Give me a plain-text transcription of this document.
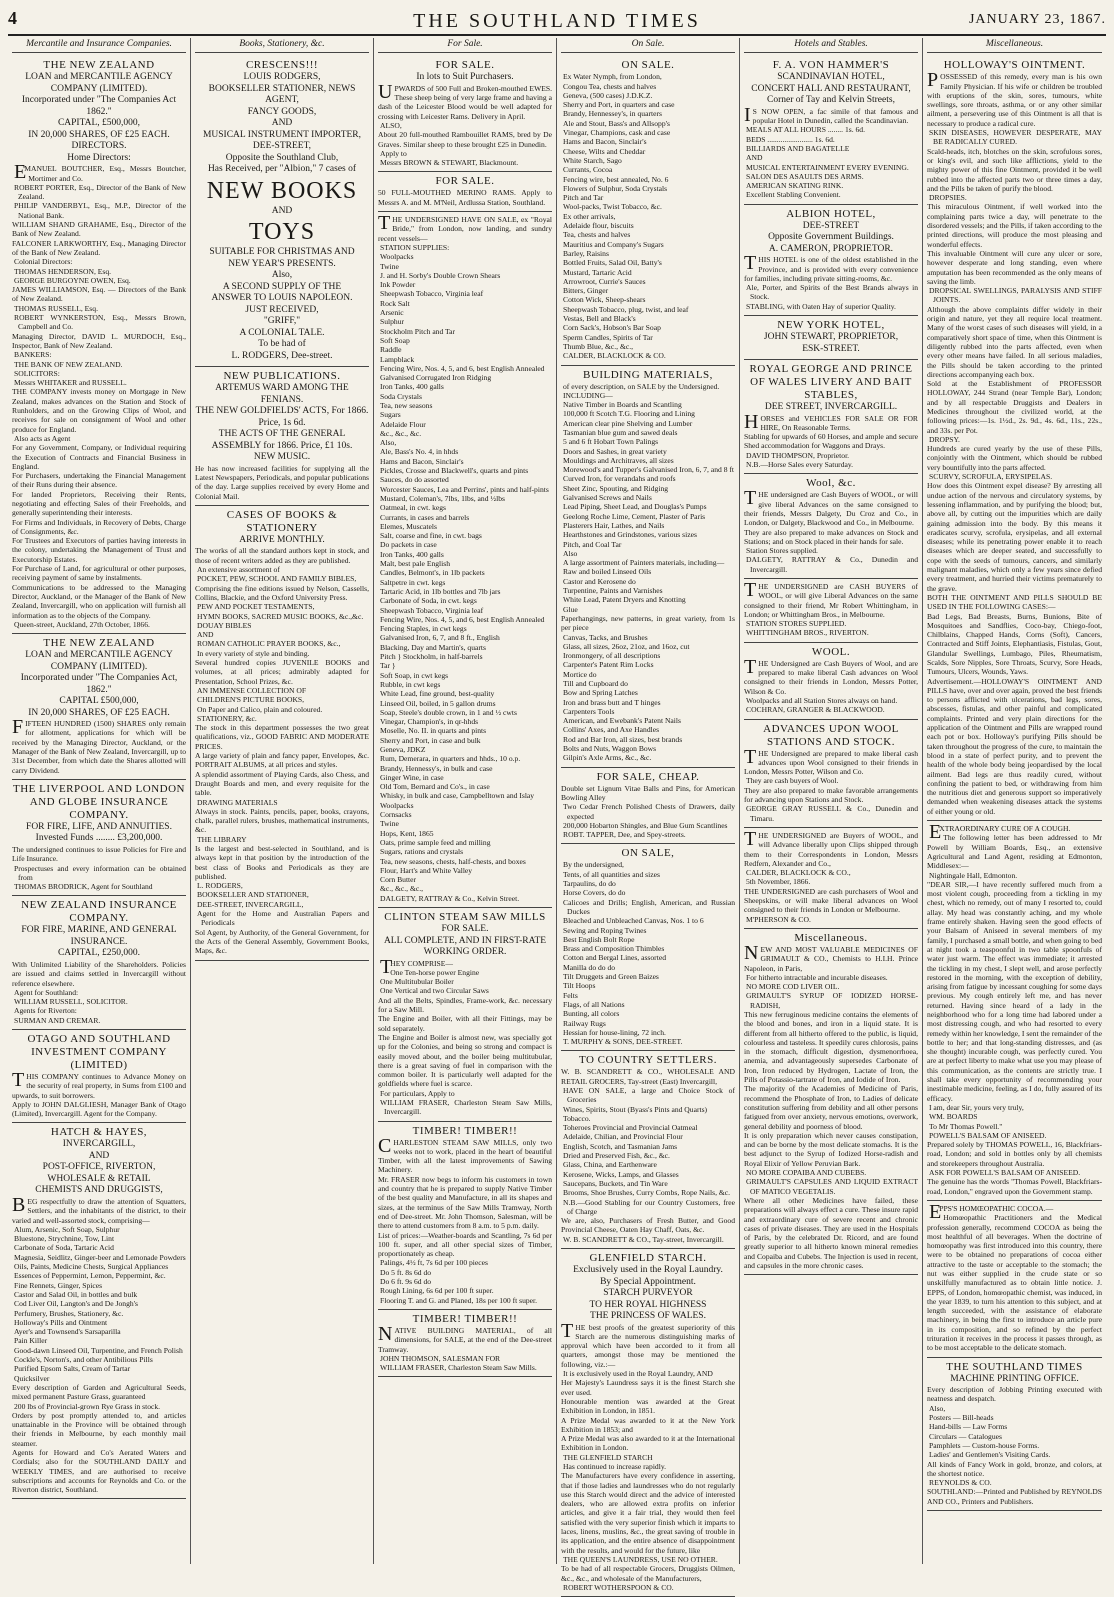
4	THE SOUTHLAND TIMES	JANUARY 23, 1867.
Mercantile and Insurance Companies.
THE NEW ZEALAND
LOAN and MERCANTILE AGENCY
COMPANY (LIMITED).
Incorporated under "The Companies Act 1862."
CAPITAL, £500,000,
IN 20,000 SHARES, OF £25 EACH.
DIRECTORS.
Home Directors:

EMANUEL BOUTCHER, Esq., Messrs Boutcher, Mortimer and Co.

ROBERT PORTER, Esq., Director of the Bank of New Zealand.

PHILIP VANDERBYL, Esq., M.P., Director of the National Bank.

WILLIAM SHAND GRAHAME, Esq., Director of the Bank of New Zealand.

FALCONER LARKWORTHY, Esq., Managing Director of the Bank of New Zealand.

Colonial Directors:

THOMAS HENDERSON, Esq.

GEORGE BURGOYNE OWEN, Esq.

JAMES WILLIAMSON, Esq. — Directors of the Bank of New Zealand.

THOMAS RUSSELL, Esq.

ROBERT WYNKERSTON, Esq., Messrs Brown, Campbell and Co.

Managing Director, DAVID L. MURDOCH, Esq., Inspector, Bank of New Zealand.

BANKERS:

THE BANK OF NEW ZEALAND.

SOLICITORS:

Messrs WHITAKER and RUSSELL.

THE COMPANY invests money on Mortgage in New Zealand, makes advances on the Station and Stock of Runholders, and on the Growing Clips of Wool, and receives for sale on consignment of Wool and other produce for England.

Also acts as Agent

For any Government, Company, or Individual requiring the Execution of Contracts and Financial Business in England.

For Purchasers, undertaking the Financial Management of their Runs during their absence.

For landed Proprietors, Receiving their Rents, negotiating and effecting Sales of their Freeholds, and generally superintending their interests.

For Firms and Individuals, in Recovery of Debts, Charge of Consignments, &c.

For Trustees and Executors of parties having interests in the colony, undertaking the Management of Trust and Executorship Estates.

For Purchase of Land, for agricultural or other purposes, receiving payment of same by instalments.

Communications to be addressed to the Managing Director, Auckland, or the Manager of the Bank of New Zealand, Invercargill, who on application will furnish all information as to the objects of the Company.

Queen-street, Auckland, 27th October, 1866.

THE NEW ZEALAND
LOAN and MERCANTILE AGENCY
COMPANY (LIMITED).
Incorporated under "The Companies Act, 1862."
CAPITAL £500,000,
IN 20,000 SHARES, OF £25 EACH.

FIFTEEN HUNDRED (1500) SHARES only remain for allotment, applications for which will be received by the Managing Director, Auckland, or the Manager of the Bank of New Zealand, Invercargill, up to 31st December, from which date the Shares allotted will carry Dividend.

THE LIVERPOOL AND LONDON AND GLOBE INSURANCE COMPANY.
FOR FIRE, LIFE, AND ANNUITIES.
Invested Funds ........ £3,200,000.

The undersigned continues to issue Policies for Fire and Life Insurance.

Prospectuses and every information can be obtained from

THOMAS BRODRICK, Agent for Southland

NEW ZEALAND INSURANCE COMPANY.
FOR FIRE, MARINE, AND GENERAL INSURANCE.
CAPITAL, £250,000.

With Unlimited Liability of the Shareholders. Policies are issued and claims settled in Invercargill without reference elsewhere.

Agent for Southland:

WILLIAM RUSSELL, SOLICITOR.

Agents for Riverton:

SURMAN AND CREMAR.

OTAGO AND SOUTHLAND INVESTMENT COMPANY (LIMITED)

THIS COMPANY continues to Advance Money on the security of real property, in Sums from £100 and upwards, to suit borrowers.

Apply to JOHN DALGLIESH, Manager Bank of Otago (Limited), Invercargill. Agent for the Company.

HATCH & HAYES,
INVERCARGILL,
AND
POST-OFFICE, RIVERTON,
WHOLESALE & RETAIL
CHEMISTS AND DRUGGISTS,

BEG respectfully to draw the attention of Squatters, Settlers, and the inhabitants of the district, to their varied and well-assorted stock, comprising—

Alum, Arsenic, Soft Soap, Sulphur

Bluestone, Strychnine, Tow, Lint

Carbonate of Soda, Tartaric Acid

Magnesia, Seidlitz, Ginger-beer and Lemonade Powders

Oils, Paints, Medicine Chests, Surgical Appliances

Essences of Peppermint, Lemon, Peppermint, &c.

Fine Rennets, Ginger, Spices

Castor and Salad Oil, in bottles and bulk

Cod Liver Oil, Langton's and De Jongh's

Perfumery, Brushes, Stationery, &c.

Holloway's Pills and Ointment

Ayer's and Townsend's Sarsaparilla

Pain Killer

Good-dawn Linseed Oil, Turpentine, and French Polish

Cockle's, Norton's, and other Antibilious Pills

Purified Epsom Salts, Cream of Tartar

Quicksilver

Every description of Garden and Agricultural Seeds, mixed permanent Pasture Grass, guaranteed

200 lbs of Provincial-grown Rye Grass in stock.

Orders by post promptly attended to, and articles unattainable in the Province will be obtained through their friends in Melbourne, by each monthly mail steamer.

Agents for Howard and Co's Aerated Waters and Cordials; also for the SOUTHLAND DAILY and WEEKLY TIMES, and are authorised to receive subscriptions and accounts for Reynolds and Co. or the Riverton district, Southland.

Books, Stationery, &c.
CRESCENS!!!
LOUIS RODGERS,
BOOKSELLER STATIONER, NEWS AGENT,
FANCY GOODS,
AND
MUSICAL INSTRUMENT IMPORTER,
DEE-STREET,
Opposite the Southland Club,
Has Received, per "Albion," 7 cases of
NEW BOOKS
AND
TOYS
SUITABLE FOR CHRISTMAS AND
NEW YEAR'S PRESENTS.
Also,
A SECOND SUPPLY OF THE
ANSWER TO LOUIS NAPOLEON.
JUST RECEIVED,
"GRIFF,"
A COLONIAL TALE.
To be had of
L. RODGERS, Dee-street.
NEW PUBLICATIONS.
ARTEMUS WARD AMONG THE FENIANS.
THE NEW GOLDFIELDS' ACTS, For 1866. Price, 1s 6d.
THE ACTS OF THE GENERAL ASSEMBLY for 1866. Price, £1 10s.
NEW MUSIC.

He has now increased facilities for supplying all the Latest Newspapers, Periodicals, and popular publications of the day. Large supplies received by every Home and Colonial Mail.

CASES OF BOOKS & STATIONERY
ARRIVE MONTHLY.

The works of all the standard authors kept in stock, and those of recent writers added as they are published.

An extensive assortment of

POCKET, PEW, SCHOOL AND FAMILY BIBLES,

Comprising the fine editions issued by Nelson, Cassells, Collins, Blackie, and the Oxford University Press.

PEW AND POCKET TESTAMENTS,

HYMN BOOKS, SACRED MUSIC BOOKS, &c.,&c.

DOUAY BIBLES

AND

ROMAN CATHOLIC PRAYER BOOKS, &c.,

In every variety of style and binding.

Several hundred copies JUVENILE BOOKS and volumes, at all prices; admirably adapted for Presentation, School Prizes, &c.

AN IMMENSE COLLECTION OF

CHILDREN'S PICTURE BOOKS,

On Paper and Calico, plain and coloured.

STATIONERY, &c.

The stock in this department possesses the two great qualifications, viz., GOOD FABRIC AND MODERATE PRICES.

A large variety of plain and fancy paper, Envelopes, &c. PORTRAIT ALBUMS, at all prices and styles.

A splendid assortment of Playing Cards, also Chess, and Draught Boards and men, and every requisite for the table.

DRAWING MATERIALS

Always in stock. Paints, pencils, paper, books, crayons, chalk, parallel rulers, brushes, mathematical instruments, &c.

THE LIBRARY

Is the largest and best-selected in Southland, and is always kept in that position by the introduction of the best class of Books and Periodicals as they are published.

L. RODGERS,

BOOKSELLER AND STATIONER,

DEE-STREET, INVERCARGILL,

Agent for the Home and Australian Papers and Periodicals

Sol Agent, by Authority, of the General Government, for the Acts of the General Assembly, Government Books, Maps, &c.

For Sale.
FOR SALE.
In lots to Suit Purchasers.

UPWARDS of 500 Full and Broken-mouthed EWES. These sheep being of very large frame and having a dash of the Leicester Blood would be well adapted for crossing with Leicester Rams. Delivery in April.

ALSO,

About 20 full-mouthed Rambouillet RAMS, bred by De Graves. Similar sheep to these brought £25 in Dunedin.

Apply to

Messrs BROWN & STEWART, Blackmount.

FOR SALE.

50 FULL-MOUTHED MERINO RAMS. Apply to Messrs A. and M. M'Neil, Ardlussa Station, Southland.

THE UNDERSIGNED HAVE ON SALE, ex "Royal Bride," from London, now landing, and sundry recent vessels—

STATION SUPPLIES:

Woolpacks

Twine

J. and H. Sorby's Double Crown Shears

Ink Powder

Sheepwash Tobacco, Virginia leaf

Rock Salt

Arsenic

Sulphur

Stockholm Pitch and Tar

Soft Soap

Raddle

Lampblack

Fencing Wire, Nos. 4, 5, and 6, best English Annealed

Galvanised Corrugated Iron Ridging

Iron Tanks, 400 galls

Soda Crystals

Tea, new seasons

Sugars

Adelaide Flour

&c., &c., &c.

Also,

Ale, Bass's No. 4, in hhds

Hams and Bacon, Sinclair's

Pickles, Crosse and Blackwell's, quarts and pints

Sauces, do do assorted

Worcester Sauces, Lea and Perrins', pints and half-pints

Mustard, Coleman's, 7lbs, 1lbs, and ½lbs

Oatmeal, in cwt. kegs

Currants, in cases and barrels

Elemes, Muscatels

Salt, coarse and fine, in cwt. bags

Do packets in case

Iron Tanks, 400 galls

Malt, best pale English

Candles, Belmont's, in 1lb packets

Saltpetre in cwt. kegs

Tartaric Acid, in 1lb bottles and 7lb jars

Carbonate of Soda, in cwt. kegs

Sheepwash Tobacco, Virginia leaf

Fencing Wire, Nos. 4, 5, and 6, best English Annealed

Fencing Staples, in cwt kegs

Galvanised Iron, 6, 7, and 8 ft., English

Blacking, Day and Martin's, quarts

Pitch } Stockholm, in half-barrels

Tar }

Soft Soap, in cwt kegs

Rubble, in cwt kegs

White Lead, fine ground, best-quality

Linseed Oil, boiled, in 5 gallon drums

Soap, Steele's double crown, in 1 and ½ cwts

Vinegar, Champion's, in qr-hhds

Moselle, No. II. in quarts and pints

Sherry and Port, in case and bulk

Geneva, JDKZ

Rum, Demerara, in quarters and hhds., 10 o.p.

Brandy, Hennessy's, in bulk and case

Ginger Wine, in case

Old Tom, Bernard and Co's., in case

Whisky, in bulk and case, Campbelltown and Islay

Woolpacks

Cornsacks

Twine

Hops, Kent, 1865

Oats, prime sample feed and milling

Sugars, rations and crystals

Tea, new seasons, chests, half-chests, and boxes

Flour, Hart's and White Valley

Corn Butter

&c., &c., &c.,

DALGETY, RATTRAY & Co., Kelvin Street.

CLINTON STEAM SAW MILLS
FOR SALE.
ALL COMPLETE, AND IN FIRST-RATE WORKING ORDER.

THEY COMPRISE—

One Ten-horse power Engine

One Multitubular Boiler

One Vertical and two Circular Saws

And all the Belts, Spindles, Frame-work, &c. necessary for a Saw Mill.

The Engine and Boiler, with all their Fittings, may be sold separately.

The Engine and Boiler is almost new, was specially got up for the Colonies, and being so strong and compact is easily moved about, and the boiler being multitubular, there is a great saving of fuel in comparison with the common boiler. It is particularly well adapted for the goldfields where fuel is scarce.

For particulars, Apply to

WILLIAM FRASER, Charleston Steam Saw Mills, Invercargill.

TIMBER! TIMBER!!

CHARLESTON STEAM SAW MILLS, only two weeks not to work, placed in the heart of beautiful Timber, with all the latest improvements of Sawing Machinery.

Mr. FRASER now begs to inform his customers in town and country that he is prepared to supply Native Timber of the best quality and Manufacture, in all its shapes and sizes, at the terminus of the Saw Mills Tramway, North end of Dee-street. Mr. John Thomson, Salesman, will be there to attend customers from 8 a.m. to 5 p.m. daily.

List of prices:—Weather-boards and Scantling, 7s 6d per 100 ft. super, and all other special sizes of Timber, proportionately as cheap.

Palings, 4½ ft, 7s 6d per 100 pieces

Do 5 ft. 8s 6d do

Do 6 ft. 9s 6d do

Rough Lining, 6s 6d per 100 ft super.

Flooring T. and G. and Planed, 18s per 100 ft super.

TIMBER! TIMBER!!

NATIVE BUILDING MATERIAL, of all dimensions, for SALE, at the end of the Dee-street Tramway.

JOHN THOMSON, SALESMAN FOR

WILLIAM FRASER, Charleston Steam Saw Mills.

On Sale.
ON SALE.

Ex Water Nymph, from London,

Congou Tea, chests and halves

Geneva, (500 cases) J.D.K.Z.

Sherry and Port, in quarters and case

Brandy, Hennessey's, in quarters

Ale and Stout, Bass's and Allsopp's

Vinegar, Champions, cask and case

Hams and Bacon, Sinclair's

Cheese, Wilts and Cheddar

White Starch, Sago

Currants, Cocoa

Fencing wire, best annealed, No. 6

Flowers of Sulphur, Soda Crystals

Pitch and Tar

Wool-packs, Twist Tobacco, &c.

Ex other arrivals,

Adelaide flour, biscuits

Tea, chests and halves

Mauritius and Company's Sugars

Barley, Raisins

Bottled Fruits, Salad Oil, Batty's

Mustard, Tartaric Acid

Arrowroot, Currie's Sauces

Bitters, Ginger

Cotton Wick, Sheep-shears

Sheepwash Tobacco, plug, twist, and leaf

Vestas, Bell and Black's

Corn Sack's, Hobson's Bar Soap

Sperm Candles, Spirits of Tar

Thumb Blue, &c., &c.,

CALDER, BLACKLOCK & CO.

BUILDING MATERIALS,

of every description, on SALE by the Undersigned.

INCLUDING—

Native Timber in Boards and Scantling

100,000 ft Scotch T.G. Flooring and Lining

American clear pine Shelving and Lumber

Tasmanian blue gum and sawed deals

5 and 6 ft Hobart Town Palings

Doors and Sashes, in great variety

Mouldings and Architraves, all sizes

Morewood's and Tupper's Galvanised Iron, 6, 7, and 8 ft

Curved Iron, for verandahs and roofs

Sheet Zinc, Spouting, and Ridging

Galvanised Screws and Nails

Lead Piping, Sheet Lead, and Douglas's Pumps

Geelong Roche Lime, Cement, Plaster of Paris

Plasterers Hair, Lathes, and Nails

Hearthstones and Grindstones, various sizes

Pitch, and Coal Tar

Also

A large assortment of Painters materials, including—

Raw and boiled Linseed Oils

Castor and Kerosene do

Turpentine, Paints and Varnishes

White Lead, Patent Dryers and Knotting

Glue

Paperhangings, new patterns, in great variety, from 1s per piece

Canvas, Tacks, and Brushes

Glass, all sizes, 26oz, 21oz, and 16oz, cut

Ironmongery, of all descriptions

Carpenter's Patent Rim Locks

Mortice do

Till and Cupboard do

Bow and Spring Latches

Iron and brass butt and T hinges

Carpenters Tools

American, and Ewebank's Patent Nails

Collins' Axes, and Axe Handles

Rod and Bar Iron, all sizes, best brands

Bolts and Nuts, Waggon Bows

Gilpin's Axle Arms, &c., &c.

FOR SALE, CHEAP.

Double set Lignum Vitae Balls and Pins, for American Bowling Alley

Two Cedar French Polished Chests of Drawers, daily expected

200,000 Hobarton Shingles, and Blue Gum Scantlines

ROBT. TAPPER, Dee, and Spey-streets.

ON SALE,

By the undersigned,

Tents, of all quantities and sizes

Tarpaulins, do do

Horse Covers, do do

Calicoes and Drills; English, American, and Russian Duckes

Bleached and Unbleached Canvas, Nos. 1 to 6

Sewing and Roping Twines

Best English Bolt Rope

Brass and Composition Thimbles

Cotton and Bergal Lines, assorted

Manilla do do do

Tilt Druggets and Green Baizes

Tilt Hoops

Felts

Flags, of all Nations

Bunting, all colors

Railway Rugs

Hessian for house-lining, 72 inch.

T. MURPHY & SONS, DEE-STREET.

TO COUNTRY SETTLERS.

W. B. SCANDRETT & CO., WHOLESALE AND RETAIL GROCERS, Tay-street (East) Invercargill,

HAVE ON SALE, a large and Choice Stock of Groceries

Wines, Spirits, Stout (Byass's Pints and Quarts)

Tobacco.

Toheroes Provincial and Provincial Oatmeal

Adelaide, Chilian, and Provincial Flour

English, Scotch, and Tasmanian Jams

Dried and Preserved Fish, &c., &c.

Glass, China, and Earthenware

Kerosene, Wicks, Lamps, and Glasses

Saucepans, Buckets, and Tin Ware

Brooms, Shoe Brushes, Curry Combs, Rope Nails, &c.

N.B.—Good Stabling for our Country Customers, free of Charge

We are, also, Purchasers of Fresh Butter, and Good Provincial Cheese, Oaten Hay Chaff, Oats, &c.

W. B. SCANDRETT & CO., Tay-street, Invercargill.

GLENFIELD STARCH.
Exclusively used in the Royal Laundry.
By Special Appointment.
STARCH PURVEYOR
TO HER ROYAL HIGHNESS
THE PRINCESS OF WALES.

THE best proofs of the greatest superiority of this Starch are the numerous distinguishing marks of approval which have been accorded to it from all quarters, amongst those may be mentioned the following, viz.:—

It is exclusively used in the Royal Laundry, AND

Her Majesty's Laundress says it is the finest Starch she ever used.

Honourable mention was awarded at the Great Exhibition in London, in 1851.

A Prize Medal was awarded to it at the New York Exhibition in 1853; and

A Prize Medal was also awarded to it at the International Exhibition in London.

THE GLENFIELD STARCH

Has continued to increase rapidly.

The Manufacturers have every confidence in asserting, that if those ladies and laundresses who do not regularly use this Starch would direct and the advice of interested dealers, who are allowed extra profits on inferior articles, and give it a fair trial, they would then feel satisfied with the very superior finish which it imparts to laces, linens, muslins, &c., the great saving of trouble in its application, and the entire absence of disappointment with the results, and would for the future, like

THE QUEEN'S LAUNDRESS, USE NO OTHER.

To be had of all respectable Grocers, Druggists Oilmen, &c., &c., and wholesale of the Manufacturers,

ROBERT WOTHERSPOON & CO.

Hotels and Stables.
F. A. VON HAMMER'S
SCANDINAVIAN HOTEL,
CONCERT HALL AND RESTAURANT,
Corner of Tay and Kelvin Streets,

IS NOW OPEN, a fac simile of that famous and popular Hotel in Dunedin, called the Scandinavian.

MEALS AT ALL HOURS ........ 1s. 6d.

BEDS ........................ 1s. 6d.

BILLIARDS AND BAGATELLE

AND

MUSICAL ENTERTAINMENT EVERY EVENING.

SALON DES ASAULTS DES ARMS.

AMERICAN SKATING RINK.

Excellent Stabling Convenient.

ALBION HOTEL,
DEE-STREET
Opposite Government Buildings.
A. CAMERON, PROPRIETOR.

THIS HOTEL is one of the oldest established in the Province, and is provided with every convenience for families, including private sitting-rooms, &c.

Ale, Porter, and Spirits of the Best Brands always in Stock.

STABLING, with Oaten Hay of superior Quality.

NEW YORK HOTEL,
JOHN STEWART, PROPRIETOR,
ESK-STREET.
ROYAL GEORGE AND PRINCE OF WALES LIVERY AND BAIT STABLES,
DEE STREET, INVERCARGILL.

HORSES and VEHICLES FOR SALE OR FOR HIRE, On Reasonable Terms.

Stabling for upwards of 60 Horses, and ample and secure Shed accommodation for Waggons and Drays.

DAVID THOMPSON, Proprietor.

N.B.—Horse Sales every Saturday.

Wool, &c.

THE undersigned are Cash Buyers of WOOL, or will give liberal Advances on the same consigned to their friends, Messrs Dalgety, Du Croz and Co., in London, or Dalgety, Blackwood and Co., in Melbourne.

They are also prepared to make advances on Stock and Stations; and on Stock placed in their hands for sale.

Station Stores supplied.

DALGETY, RATTRAY & Co., Dunedin and Invercargill.

THE UNDERSIGNED are CASH BUYERS of WOOL, or will give Liberal Advances on the same consigned to their friend, Mr Robert Whittingham, in London; or Whittingham Bros., in Melbourne.

STATION STORES SUPPLIED.

WHITTINGHAM BROS., RIVERTON.

WOOL.

THE Undersigned are Cash Buyers of Wool, and are prepared to make liberal Cash advances on Wool consigned to their friends in London, Messrs Potter, Wilson & Co.

Woolpacks and all Station Stores always on hand.

COCHRAN, GRANGER & BLACKWOOD.

ADVANCES UPON WOOL STATIONS AND STOCK.

THE Undersigned are prepared to make liberal cash advances upon Wool consigned to their friends in London, Messrs Potter, Wilson and Co.

They are cash buyers of Wool.

They are also prepared to make favorable arrangements for advancing upon Stations and Stock.

GEORGE GRAY RUSSELL & Co., Dunedin and Timaru.

THE UNDERSIGNED are Buyers of WOOL, and will Advance liberally upon Clips shipped through them to their Correspondents in London, Messrs Redfern, Alexander and Co.,

CALDER, BLACKLOCK & CO.,

5th November, 1866.

THE UNDERSIGNED are cash purchasers of Wool and Sheepskins, or will make liberal advances on Wool consigned to their friends in London or Melbourne.

M'PHERSON & CO.

Miscellaneous.

NEW AND MOST VALUABLE MEDICINES OF GRIMAULT & CO., Chemists to H.I.H. Prince Napoleon, in Paris,

For hitherto intractable and incurable diseases.

NO MORE COD LIVER OIL.

GRIMAULT'S SYRUP OF IODIZED HORSE-RADISH,

This new ferruginous medicine contains the elements of the blood and bones, and iron in a liquid state. It is different from all hitherto offered to the public, is liquid, colourless and tasteless. It speedily cures chlorosis, pains in the stomach, difficult digestion, dysmenorrhoea, anemia, and advantageously supersedes Carbonate of Iron, Iron reduced by Hydrogen, Lactate of Iron, the Pills of Potassio-tartrate of Iron, and Iodide of Iron.

The majority of the Academies of Medicine of Paris, recommend the Phosphate of Iron, to Ladies of delicate constitution suffering from debility and all other persons fatigued from over anxiety, nervous emotions, overwork, general debility and poorness of blood.

It is only preparation which never causes constipation, and can be borne by the most delicate stomachs. It is the best adjunct to the Syrup of Iodized Horse-radish and Royal Elixir of Yellow Peruvian Bark.

NO MORE COPAIBA AND CUBEBS.

GRIMAULT'S CAPSULES AND LIQUID EXTRACT OF MATICO VEGETALIS.

Where all other Medicines have failed, these preparations will always effect a cure. These insure rapid and extraordinary cure of severe recent and chronic cases of private diseases. They are used in the Hospitals of Paris, by the celebrated Dr. Ricord, and are found greatly superior to all hitherto known mineral remedies and Copaiba and Cubebs. The Injection is used in recent, and capsules in the more chronic cases.

Miscellaneous.
HOLLOWAY'S OINTMENT.

POSSESSED of this remedy, every man is his own Family Physician. If his wife or children be troubled with eruptions of the skin, sores, tumours, white swellings, sore throats, asthma, or or any other similar ailment, a persevering use of this Ointment is all that is necessary to produce a radical cure.

SKIN DISEASES, HOWEVER DESPERATE, MAY BE RADICALLY CURED.

Scald-heads, itch, blotches on the skin, scrofulous sores, or king's evil, and such like afflictions, yield to the mighty power of this fine Ointment, provided it be well rubbed into the affected parts two or three times a day, and the Pills be taken of purify the blood.

DROPSIES.

This miraculous Ointment, if well worked into the complaining parts twice a day, will penetrate to the disordered vessels; and the Pills, if taken according to the printed directions, will produce the most pleasing and wonderful effects.

This invaluable Ointment will cure any ulcer or sore, however desperate and long standing, even where amputation has been recommended as the only means of saving the limb.

DROPSICAL SWELLINGS, PARALYSIS AND STIFF JOINTS.

Although the above complaints differ widely in their origin and nature, yet they all require local treatment. Many of the worst cases of such diseases will yield, in a comparatively short space of time, when this Ointment is diligently rubbed into the parts affected, even when every other means have failed. In all serious maladies, the Pills should be taken according to the printed directions accompanying each box.

Sold at the Establishment of PROFESSOR HOLLOWAY, 244 Strand (near Temple Bar), London; and by all respectable Druggists and Dealers in Medicines throughout the civilized world, at the following prices:—1s. 1½d., 2s. 9d., 4s. 6d., 11s., 22s., and 33s. per Pot.

DROPSY.

Hundreds are cured yearly by the use of these Pills, conjointly with the Ointment, which should be rubbed very bountifully into the parts affected.

SCURVY, SCROFULA, ERYSIPELAS.

How does this Ointment expel disease? By arresting all undue action of the nervous and circulatory systems, by lessening inflammation, and by purifying the blood; but, above all, by cutting out the impurities which are daily gaining admission into the body. By this means it eradicates scurvy, scrofula, erysipelas, and all external diseases; while its penetrating power enable it to reach diseases which are deeper seated, and successfully to cope with the seeds of tumours, cancers, and similarly malignant maladies, which only a few years since defied every treatment, and hurried their victims prematurely to the grave.

BOTH THE OINTMENT AND PILLS SHOULD BE USED IN THE FOLLOWING CASES:—

Bad Legs, Bad Breasts, Burns, Bunions, Bite of Mosquitoes and Sandflies, Coco-bay, Chiego-foot, Chilblains, Chapped Hands, Corns (Soft), Cancers, Contracted and Stiff Joints, Elephantiasis, Fistulas, Gout, Glandular Swellings, Lumbago, Piles, Rheumatism, Scalds, Sore Nipples, Sore Throats, Scurvy, Sore Heads, Tumours, Ulcers, Wounds, Yaws.

Advertisement.—HOLLOWAY'S OINTMENT AND PILLS have, over and over again, proved the best friends to persons afflicted with ulcerations, bad legs, sores, abscesses, fistulas, and other painful and complicated complaints. Printed and very plain directions for the application of the Ointment and Pills are wrapped round each pot or box. Holloway's purifying Pills should be taken throughout the progress of the cure, to maintain the blood in a state of perfect purity, and to prevent the health of the whole body being jeopardised by the local ailment. Bad legs are thus readily cured, without confining the patient to bed, or withdrawing from him the nutritious diet and generous support so imperatively demanded when weakening diseases attack the systems of either young or old.

EXTRAORDINARY CURE OF A COUGH.

The following letter has been addressed to Mr Powell by William Boards, Esq., an extensive Agricultural and Land Agent, residing at Edmonton, Middlesex:—

Nightingale Hall, Edmonton.

"DEAR SIR,—I have recently suffered much from a most violent cough, proceeding from a tickling in my chest, which no remedy, out of many I resorted to, could allay. My head was constantly aching, and my whole frame entirely shaken. Having seen the good effects of your Balsam of Aniseed in several members of my family, I purchased a small bottle, and when going to bed at night took a teaspoonful in two table spoonfuls of water just warm. The effect was immediate; it arrested the tickling in my chest, I slept well, and arose perfectly restored in the morning, with the exception of debility, arising from fatigue by incessant coughing for some days previous. My cough entirely left me, and has never returned. Having since heard of a lady in the neighborhood who for a long time had labored under a most distressing cough, and who had resorted to every remedy within her knowledge, I sent the remainder of the bottle to her; and that long-standing distresses, and (as she thought) incurable cough, was perfectly cured. You are at perfect liberty to make what use you may please of this communication, as the contents are strictly true. I shall take every opportunity of recommending your inestimable medicine, feeling, as I do, fully assured of its efficacy.

I am, dear Sir, yours very truly,

WM. BOARDS

To Mr Thomas Powell."

POWELL'S BALSAM OF ANISEED.

Prepared solely by THOMAS POWELL, 16, Blackfriars-road, London; and sold in bottles only by all chemists and storekeepers throughout Australia.

ASK FOR POWELL'S BALSAM OF ANISEED.

The genuine has the words "Thomas Powell, Blackfriars-road, London," engraved upon the Government stamp.

EPPS'S HOMŒOPATHIC COCOA.—

Homœopathic Practitioners and the Medical profession generally, recommend COCOA as being the most healthful of all beverages. When the doctrine of homœopathy was first introduced into this country, there were to be obtained no preparations of cocoa either attractive to the taste or acceptable to the stomach; the nut was either supplied in the crude state or so unskilfully manufactured as to obtain little notice. J. EPPS, of London, homœopathic chemist, was induced, in the year 1839, to turn his attention to this subject, and at length succeeded, with the assistance of elaborate machinery, in being the first to introduce an article pure in its composition, and so refined by the perfect trituration it receives in the process it passes through, as to be most acceptable to the delicate stomach.

THE SOUTHLAND TIMES
MACHINE PRINTING OFFICE.

Every description of Jobbing Printing executed with neatness and despatch.

Also,

Posters — Bill-heads

Hand-bills — Law Forms

Circulars — Catalogues

Pamphlets — Custom-house Forms.

Ladies' and Gentlemen's Visiting Cards.

All kinds of Fancy Work in gold, bronze, and colors, at the shortest notice.

REYNOLDS & CO.

SOUTHLAND:—Printed and Published by REYNOLDS AND CO., Printers and Publishers.
